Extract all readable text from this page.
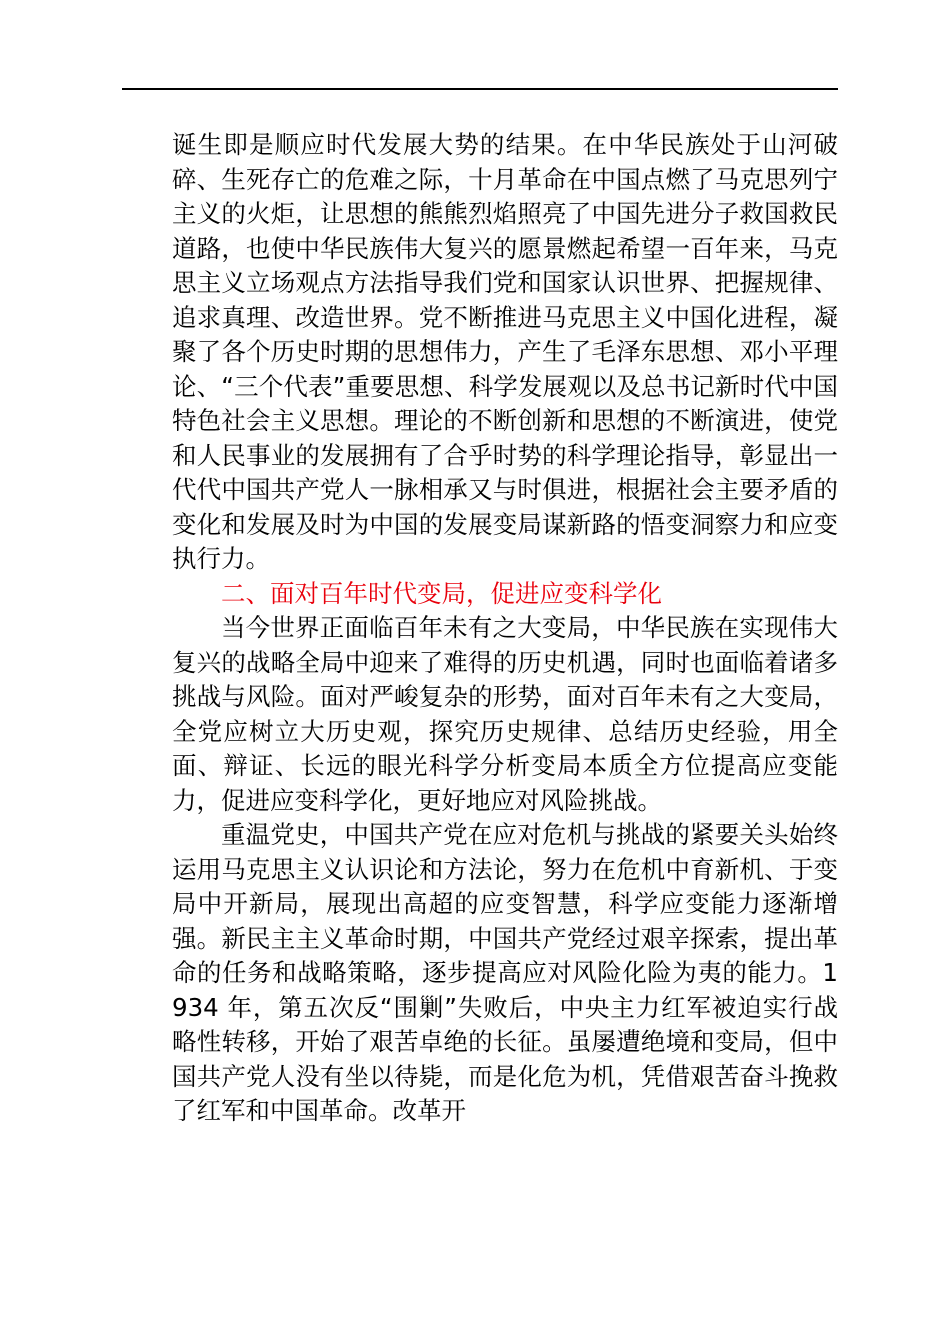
诞生即是顺应时代发展大势的结果。在中华民族处于山河破碎、生死存亡的危难之际，十月革命在中国点燃了马克思列宁主义的火炬，让思想的熊熊烈焰照亮了中国先进分子救国救民道路，也使中华民族伟大复兴的愿景燃起希望一百年来，马克思主义立场观点方法指导我们党和国家认识世界、把握规律、追求真理、改造世界。党不断推进马克思主义中国化进程，凝聚了各个历史时期的思想伟力，产生了毛泽东思想、邓小平理论、“三个代表”重要思想、科学发展观以及总书记新时代中国特色社会主义思想。理论的不断创新和思想的不断演进，使党和人民事业的发展拥有了合乎时势的科学理论指导，彰显出一代代中国共产党人一脉相承又与时俱进，根据社会主要矛盾的变化和发展及时为中国的发展变局谋新路的悟变洞察力和应变执行力。

二、面对百年时代变局，促进应变科学化

当今世界正面临百年未有之大变局，中华民族在实现伟大复兴的战略全局中迎来了难得的历史机遇，同时也面临着诸多挑战与风险。面对严峻复杂的形势，面对百年未有之大变局，全党应树立大历史观，探究历史规律、总结历史经验，用全面、辩证、长远的眼光科学分析变局本质全方位提高应变能力，促进应变科学化，更好地应对风险挑战。

重温党史，中国共产党在应对危机与挑战的紧要关头始终运用马克思主义认识论和方法论，努力在危机中育新机、于变局中开新局，展现出高超的应变智慧，科学应变能力逐渐增强。新民主主义革命时期，中国共产党经过艰辛探索，提出革命的任务和战略策略，逐步提高应对风险化险为夷的能力。1934 年，第五次反“围剿”失败后，中央主力红军被迫实行战略性转移，开始了艰苦卓绝的长征。虽屡遭绝境和变局，但中国共产党人没有坐以待毙，而是化危为机，凭借艰苦奋斗挽救了红军和中国革命。改革开
